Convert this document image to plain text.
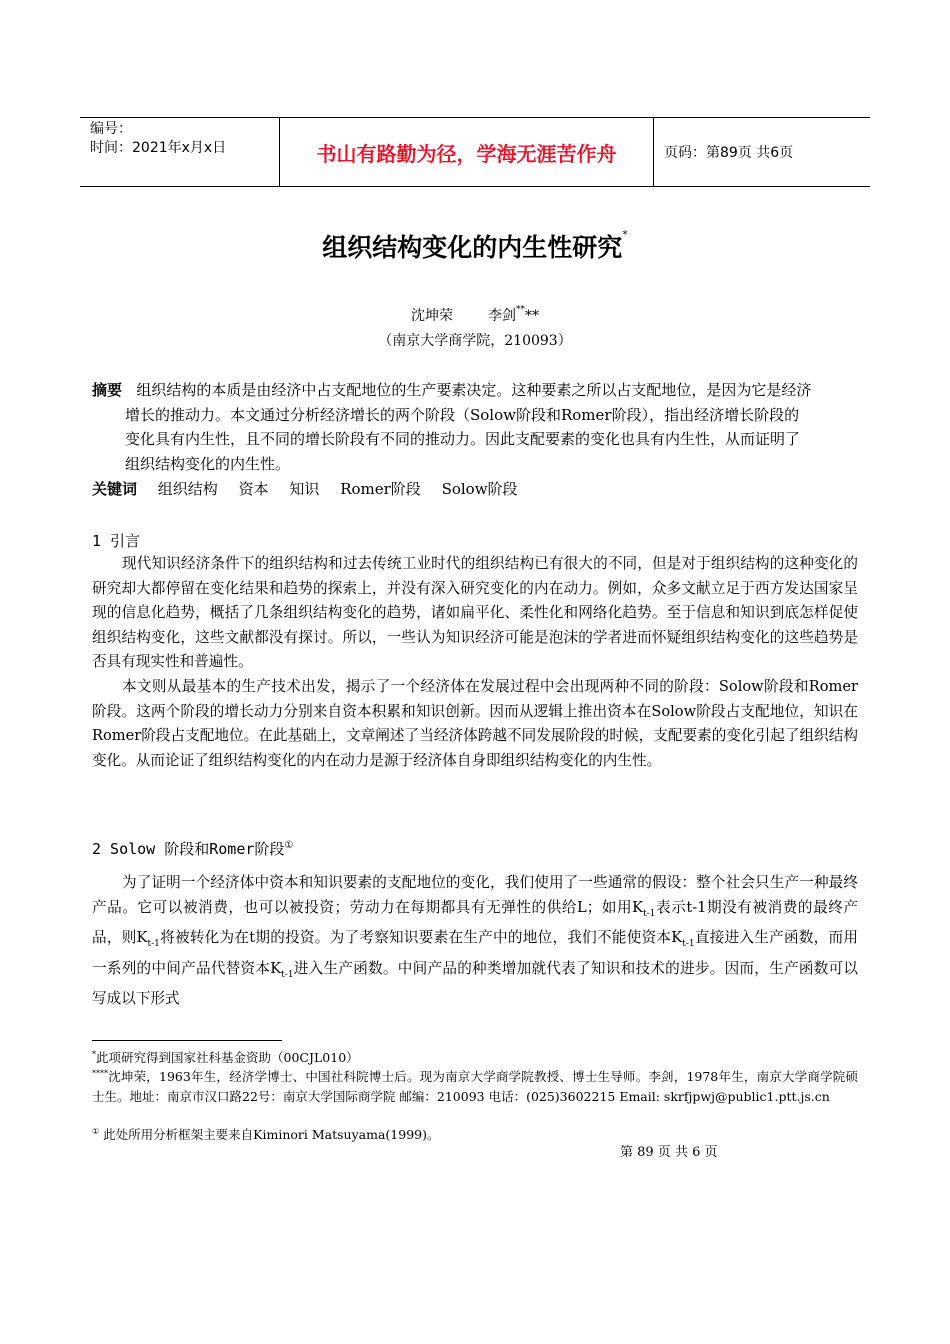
编号：
时间：2021年x月x日	书山有路勤为径，学海无涯苦作舟	页码：第89页 共6页
组织结构变化的内生性研究*
沈坤荣 李剑****
（南京大学商学院，210093）

摘要 组织结构的本质是由经济中占支配地位的生产要素决定。这种要素之所以占支配地位，是因为它是经济增长的推动力。本文通过分析经济增长的两个阶段（Solow阶段和Romer阶段），指出经济增长阶段的变化具有内生性，且不同的增长阶段有不同的推动力。因此支配要素的变化也具有内生性，从而证明了组织结构变化的内生性。

关键词 组织结构 资本 知识 Romer阶段 Solow阶段
1 引言

现代知识经济条件下的组织结构和过去传统工业时代的组织结构已有很大的不同，但是对于组织结构的这种变化的研究却大都停留在变化结果和趋势的探索上，并没有深入研究变化的内在动力。例如，众多文献立足于西方发达国家呈现的信息化趋势，概括了几条组织结构变化的趋势，诸如扁平化、柔性化和网络化趋势。至于信息和知识到底怎样促使组织结构变化，这些文献都没有探讨。所以，一些认为知识经济可能是泡沫的学者进而怀疑组织结构变化的这些趋势是否具有现实性和普遍性。

本文则从最基本的生产技术出发，揭示了一个经济体在发展过程中会出现两种不同的阶段：Solow阶段和Romer阶段。这两个阶段的增长动力分别来自资本积累和知识创新。因而从逻辑上推出资本在Solow阶段占支配地位，知识在Romer阶段占支配地位。在此基础上，文章阐述了当经济体跨越不同发展阶段的时候，支配要素的变化引起了组织结构变化。从而论证了组织结构变化的内在动力是源于经济体自身即组织结构变化的内生性。

2 Solow 阶段和Romer阶段①

为了证明一个经济体中资本和知识要素的支配地位的变化，我们使用了一些通常的假设：整个社会只生产一种最终产品。它可以被消费，也可以被投资；劳动力在每期都具有无弹性的供给L；如用$K_{t-1}$表示t-1期没有被消费的最终产品，则$K_{t-1}$将被转化为在t期的投资。为了考察知识要素在生产中的地位，我们不能使资本$K_{t-1}$直接进入生产函数，而用一系列的中间产品代替资本$K_{t-1}$进入生产函数。中间产品的种类增加就代表了知识和技术的进步。因而，生产函数可以写成以下形式

*此项研究得到国家社科基金资助（00CJL010）
****沈坤荣，1963年生，经济学博士、中国社科院博士后。现为南京大学商学院教授、博士生导师。李剑，1978年生，南京大学商学院硕士生。地址：南京市汉口路22号：南京大学国际商学院 邮编：210093 电话：(025)3602215 Email: skrfjpwj@public1.ptt.js.cn
① 此处所用分析框架主要来自Kiminori Matsuyama(1999)。
第 89 页 共 6 页
